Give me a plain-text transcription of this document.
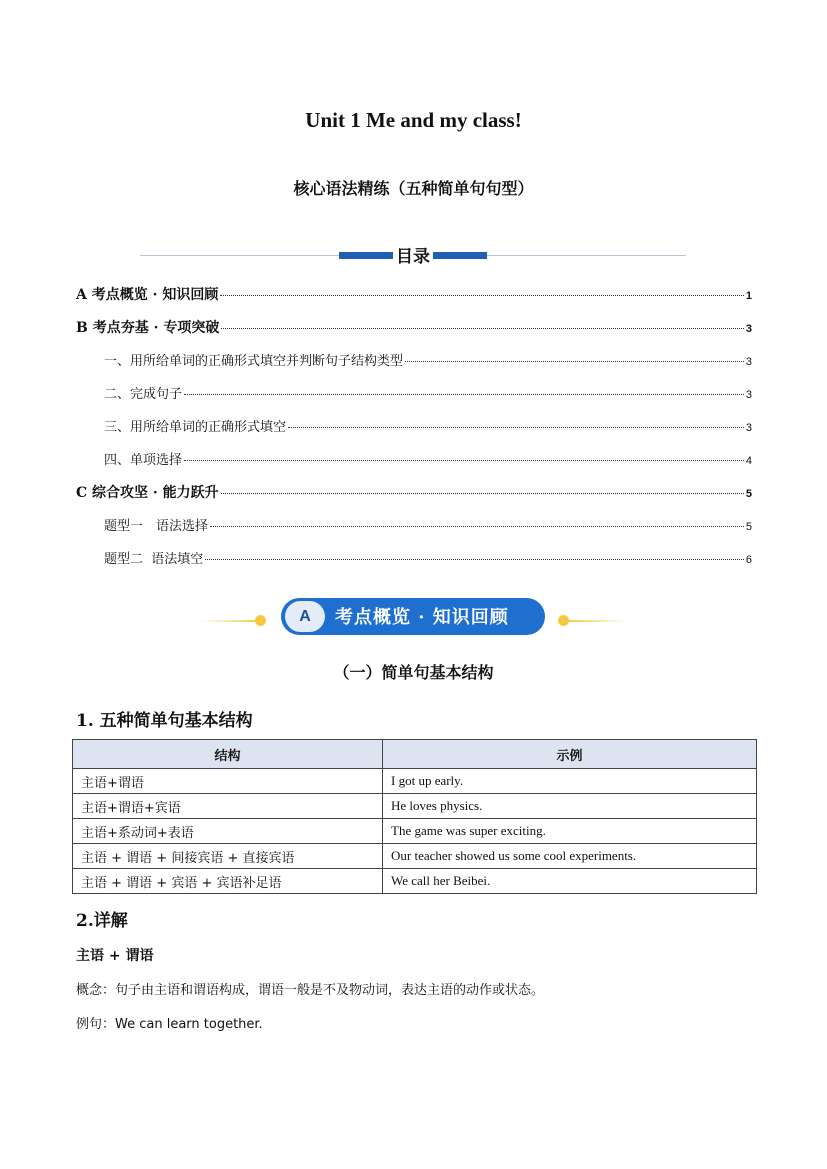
Unit 1 Me and my class!
核心语法精练（五种简单句句型）
目录
A 考点概览 · 知识回顾	1
B 考点夯基 · 专项突破	3
一、用所给单词的正确形式填空并判断句子结构类型	3
二、完成句子	3
三、用所给单词的正确形式填空	3
四、单项选择	4
C 综合攻坚 · 能力跃升	5
题型一　语法选择	5
题型二  语法填空	6
A	考点概览 · 知识回顾
（一）简单句基本结构
1. 五种简单句基本结构
结构	示例
主语+谓语	I got up early.
主语+谓语+宾语	He loves physics.
主语+系动词+表语	The game was super exciting.
主语 + 谓语 + 间接宾语 + 直接宾语	Our teacher showed us some cool experiments.
主语 + 谓语 + 宾语 + 宾语补足语	We call her Beibei.
2.详解
主语 + 谓语
概念：句子由主语和谓语构成，谓语一般是不及物动词，表达主语的动作或状态。
例句：We can learn together.
